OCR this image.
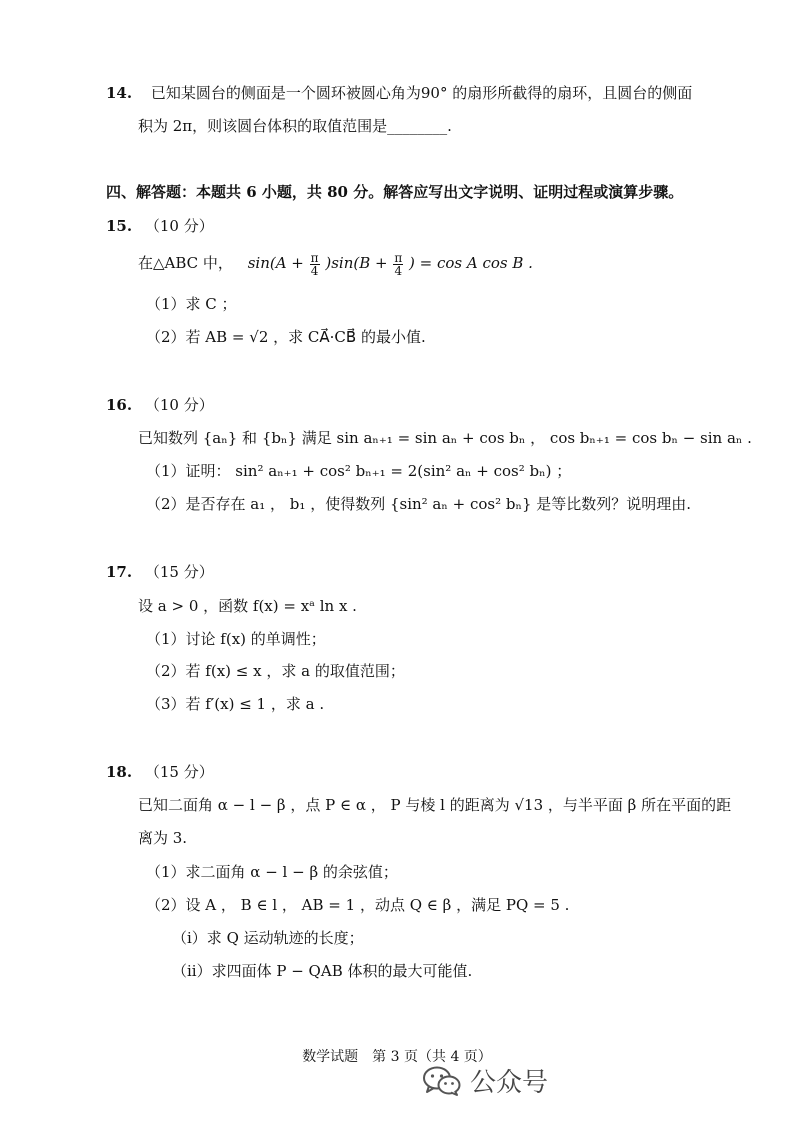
14. 已知某圆台的侧面是一个圆环被圆心角为90° 的扇形所截得的扇环，且圆台的侧面
积为 2π，则该圆台体积的取值范围是________.
四、解答题：本题共 6 小题，共 80 分。解答应写出文字说明、证明过程或演算步骤。
15. （10 分）
在△ABC 中， $\sin(A + \frac{\pi}{4} )\sin(B + \frac{\pi}{4}$ ) = cos A cos B .
（1）求 C ；
（2）若 AB = √2 ，求 CA⃗·CB⃗ 的最小值.
16. （10 分）
已知数列 {aₙ} 和 {bₙ} 满足 sin aₙ₊₁ = sin aₙ + cos bₙ ， cos bₙ₊₁ = cos bₙ − sin aₙ .
（1）证明： sin² aₙ₊₁ + cos² bₙ₊₁ = 2(sin² aₙ + cos² bₙ) ；
（2）是否存在 a₁ ， b₁ ，使得数列 {sin² aₙ + cos² bₙ} 是等比数列？说明理由.
17. （15 分）
设 a > 0 ，函数 f(x) = xᵃ ln x .
（1）讨论 f(x) 的单调性；
（2）若 f(x) ≤ x ，求 a 的取值范围；
（3）若 f′(x) ≤ 1 ，求 a .
18. （15 分）
已知二面角 α − l − β ，点 P ∈ α ， P 与棱 l 的距离为 √13 ，与半平面 β 所在平面的距
离为 3.
（1）求二面角 α − l − β 的余弦值；
（2）设 A ， B ∈ l ， AB = 1 ，动点 Q ∈ β ，满足 PQ = 5 .
（i）求 Q 运动轨迹的长度；
（ii）求四面体 P − QAB 体积的最大可能值.
数学试题　第 3 页（共 4 页）
公众号
